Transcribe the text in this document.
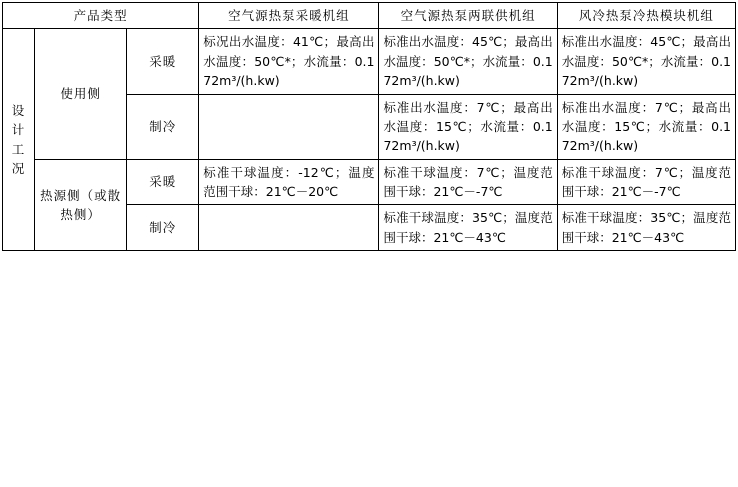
产品类型			空气源热泵采暖机组	空气源热泵两联供机组	风冷热泵冷热模块机组
设
计
工
况	使用侧	采暖	标况出水温度：41℃；最高出水温度：50℃*；水流量：0.172m³/(h.kw)	标准出水温度：45℃；最高出水温度：50℃*；水流量：0.172m³/(h.kw)	标准出水温度：45℃；最高出水温度：50℃*；水流量：0.172m³/(h.kw)
		制冷		标准出水温度：7℃；最高出水温度：15℃；水流量：0.172m³/(h.kw)	标准出水温度：7℃；最高出水温度：15℃；水流量：0.172m³/(h.kw)
	热源侧（或散热侧）	采暖	标准干球温度：-12℃；温度范围干球：21℃－20℃	标准干球温度：7℃；温度范围干球：21℃－-7℃	标准干球温度：7℃；温度范围干球：21℃－-7℃
		制冷		标准干球温度：35℃；温度范围干球：21℃－43℃	标准干球温度：35℃；温度范围干球：21℃－43℃
